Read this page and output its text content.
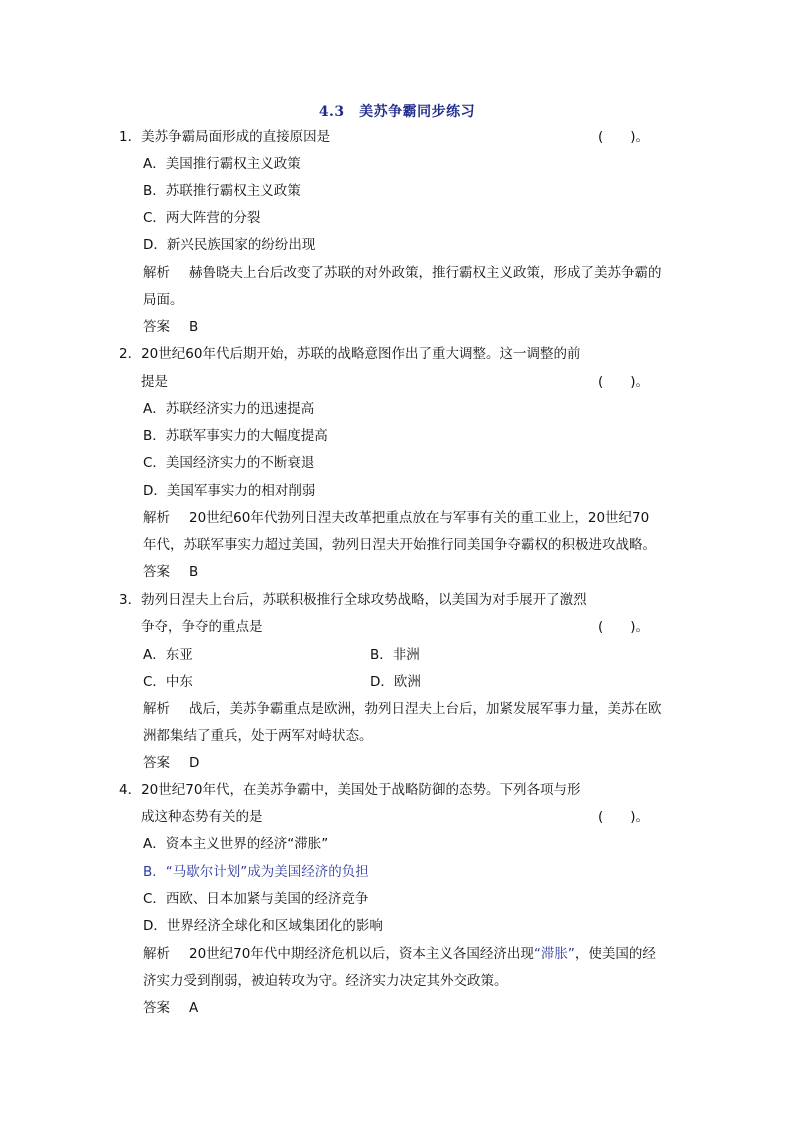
4.3　美苏争霸同步练习
1．美苏争霸局面形成的直接原因是	(　　)。
A．美国推行霸权主义政策
B．苏联推行霸权主义政策
C．两大阵营的分裂
D．新兴民族国家的纷纷出现
解析 赫鲁晓夫上台后改变了苏联的对外政策，推行霸权主义政策，形成了美苏争霸的
局面。
答案 B
2．20世纪60年代后期开始，苏联的战略意图作出了重大调整。这一调整的前
提是	(　　)。
A．苏联经济实力的迅速提高
B．苏联军事实力的大幅度提高
C．美国经济实力的不断衰退
D．美国军事实力的相对削弱
解析 20世纪60年代勃列日涅夫改革把重点放在与军事有关的重工业上，20世纪70
年代，苏联军事实力超过美国，勃列日涅夫开始推行同美国争夺霸权的积极进攻战略。
答案 B
3．勃列日涅夫上台后，苏联积极推行全球攻势战略，以美国为对手展开了激烈
争夺，争夺的重点是	(　　)。
A．东亚	B．非洲
C．中东	D．欧洲
解析 战后，美苏争霸重点是欧洲，勃列日涅夫上台后，加紧发展军事力量，美苏在欧
洲都集结了重兵，处于两军对峙状态。
答案 D
4．20世纪70年代，在美苏争霸中，美国处于战略防御的态势。下列各项与形
成这种态势有关的是	(　　)。
A．资本主义世界的经济“滞胀”
B．“马歇尔计划”成为美国经济的负担
C．西欧、日本加紧与美国的经济竞争
D．世界经济全球化和区域集团化的影响
解析 20世纪70年代中期经济危机以后，资本主义各国经济出现“滞胀”，使美国的经
济实力受到削弱，被迫转攻为守。经济实力决定其外交政策。
答案 A
